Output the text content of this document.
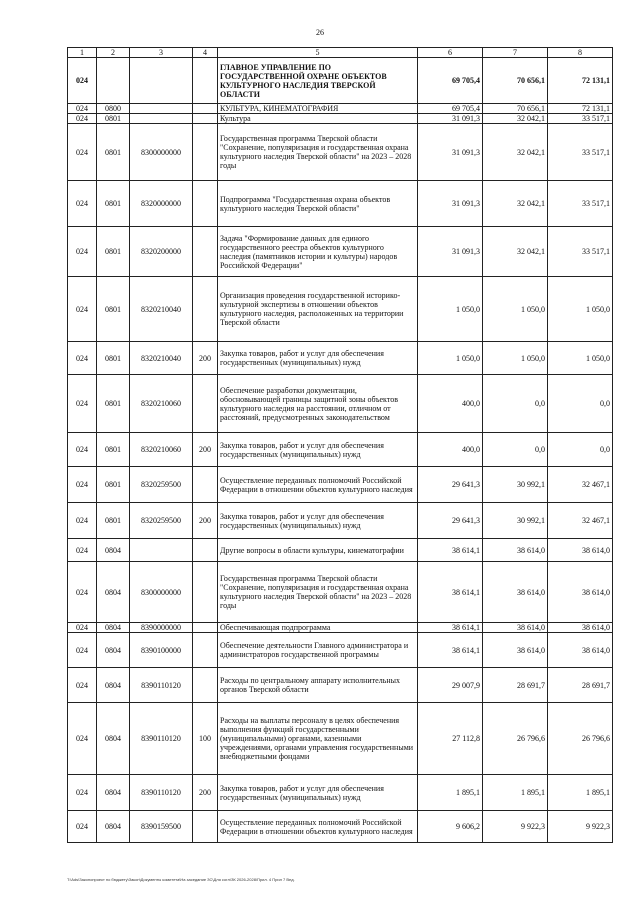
26
1	2	3	4	5	6	7	8
024				ГЛАВНОЕ УПРАВЛЕНИЕ ПО ГОСУДАРСТВЕННОЙ ОХРАНЕ ОБЪЕКТОВ КУЛЬТУРНОГО НАСЛЕДИЯ ТВЕРСКОЙ ОБЛАСТИ	69 705,4	70 656,1	72 131,1
024	0800			КУЛЬТУРА, КИНЕМАТОГРАФИЯ	69 705,4	70 656,1	72 131,1
024	0801			Культура	31 091,3	32 042,1	33 517,1
024	0801	8300000000		Государственная программа Тверской области "Сохранение, популяризация и государственная охрана культурного наследия Тверской области" на 2023 – 2028 годы	31 091,3	32 042,1	33 517,1
024	0801	8320000000		Подпрограмма "Государственная охрана объектов культурного наследия Тверской области"	31 091,3	32 042,1	33 517,1
024	0801	8320200000		Задача "Формирование данных для единого государственного реестра объектов культурного наследия (памятников истории и культуры) народов Российской Федерации"	31 091,3	32 042,1	33 517,1
024	0801	8320210040		Организация проведения государственной историко-культурной экспертизы в отношении объектов культурного наследия, расположенных на территории Тверской области	1 050,0	1 050,0	1 050,0
024	0801	8320210040	200	Закупка товаров, работ и услуг для обеспечения государственных (муниципальных) нужд	1 050,0	1 050,0	1 050,0
024	0801	8320210060		Обеспечение разработки документации, обосновывающей границы защитной зоны объектов культурного наследия на расстоянии, отличном от расстояний, предусмотренных законодательством	400,0	0,0	0,0
024	0801	8320210060	200	Закупка товаров, работ и услуг для обеспечения государственных (муниципальных) нужд	400,0	0,0	0,0
024	0801	8320259500		Осуществление переданных полномочий Российской Федерации в отношении объектов культурного наследия	29 641,3	30 992,1	32 467,1
024	0801	8320259500	200	Закупка товаров, работ и услуг для обеспечения государственных (муниципальных) нужд	29 641,3	30 992,1	32 467,1
024	0804			Другие вопросы в области культуры, кинематографии	38 614,1	38 614,0	38 614,0
024	0804	8300000000		Государственная программа Тверской области "Сохранение, популяризация и государственная охрана культурного наследия Тверской области" на 2023 – 2028 годы	38 614,1	38 614,0	38 614,0
024	0804	8390000000		Обеспечивающая подпрограмма	38 614,1	38 614,0	38 614,0
024	0804	8390100000		Обеспечение деятельности Главного администратора и администраторов государственной программы	38 614,1	38 614,0	38 614,0
024	0804	8390110120		Расходы по центральному аппарату исполнительных органов Тверской области	29 007,9	28 691,7	28 691,7
024	0804	8390110120	100	Расходы на выплаты персоналу в целях обеспечения выполнения функций государственными (муниципальными) органами, казенными учреждениями, органами управления государственными внебюджетными фондами	27 112,8	26 796,6	26 796,6
024	0804	8390110120	200	Закупка товаров, работ и услуг для обеспечения государственных (муниципальных) нужд	1 895,1	1 895,1	1 895,1
024	0804	8390159500		Осуществление переданных полномочий Российской Федерации в отношении объектов культурного наследия	9 606,2	9 922,3	9 922,3
T:\Ads\Законопроект по бюджету\Закон\Документы комитета\На заседание ЗС\Для согл\ЗК 2026-2028\Прил. 4 Прил 7 Вед.
